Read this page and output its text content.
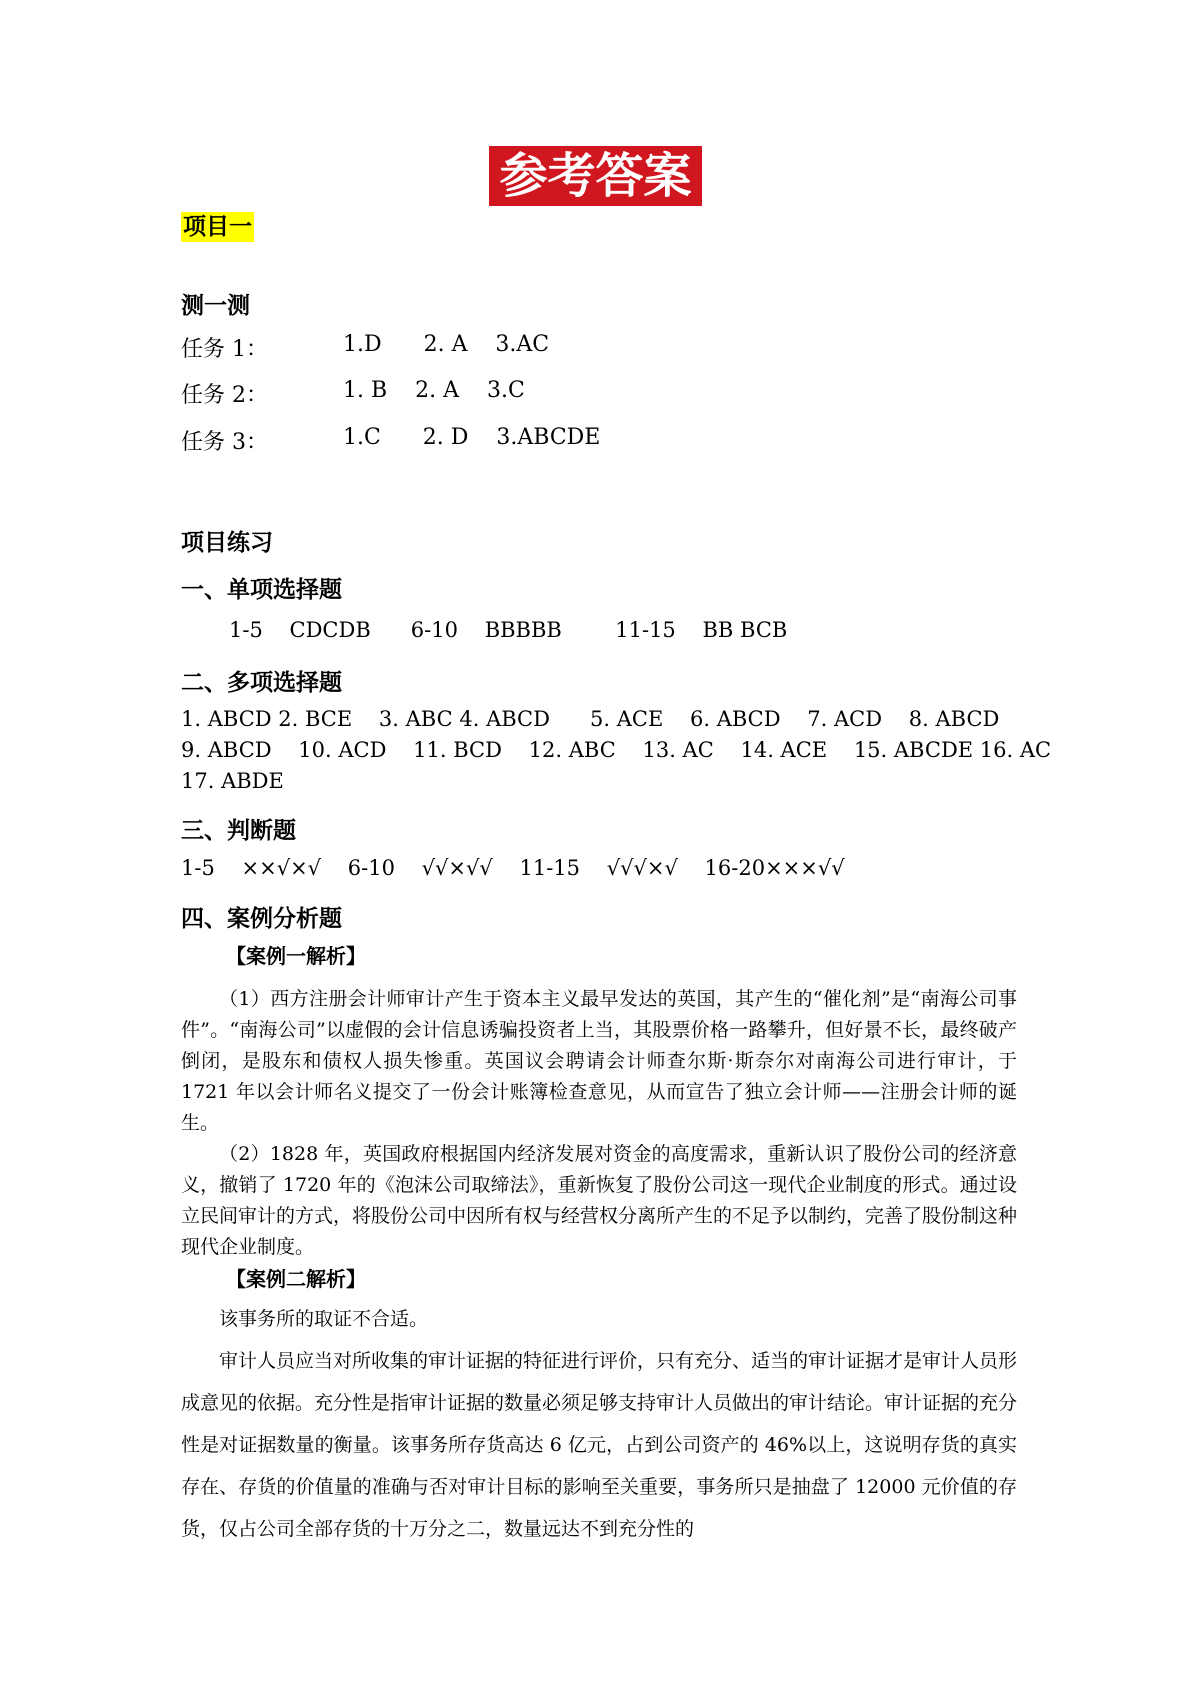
参考答案
项目一
测一测
任务 1：	1.D      2. A    3.AC
任务 2：	1. B    2. A    3.C
任务 3：	1.C      2. D    3.ABCDE
项目练习
一、单项选择题
1-5    CDCDB      6-10    BBBBB        11-15    BB BCB
二、多项选择题
1. ABCD 2. BCE    3. ABC 4. ABCD      5. ACE    6. ABCD    7. ACD    8. ABCD
9. ABCD    10. ACD    11. BCD    12. ABC    13. AC    14. ACE    15. ABCDE 16. AC
17. ABDE
三、判断题
1-5    ××√×√    6-10    √√×√√    11-15    √√√×√    16-20×××√√
四、案例分析题
【案例一解析】

（1）西方注册会计师审计产生于资本主义最早发达的英国，其产生的“催化剂”是“南海公司事件”。“南海公司”以虚假的会计信息诱骗投资者上当，其股票价格一路攀升，但好景不长，最终破产倒闭，是股东和债权人损失惨重。英国议会聘请会计师查尔斯·斯奈尔对南海公司进行审计，于 1721 年以会计师名义提交了一份会计账簿检查意见，从而宣告了独立会计师——注册会计师的诞生。

（2）1828 年，英国政府根据国内经济发展对资金的高度需求，重新认识了股份公司的经济意义，撤销了 1720 年的《泡沫公司取缔法》，重新恢复了股份公司这一现代企业制度的形式。通过设立民间审计的方式，将股份公司中因所有权与经营权分离所产生的不足予以制约，完善了股份制这种现代企业制度。

【案例二解析】

该事务所的取证不合适。

审计人员应当对所收集的审计证据的特征进行评价，只有充分、适当的审计证据才是审计人员形成意见的依据。充分性是指审计证据的数量必须足够支持审计人员做出的审计结论。审计证据的充分性是对证据数量的衡量。该事务所存货高达 6 亿元，占到公司资产的 46%以上，这说明存货的真实存在、存货的价值量的准确与否对审计目标的影响至关重要，事务所只是抽盘了 12000 元价值的存货，仅占公司全部存货的十万分之二，数量远达不到充分性的
